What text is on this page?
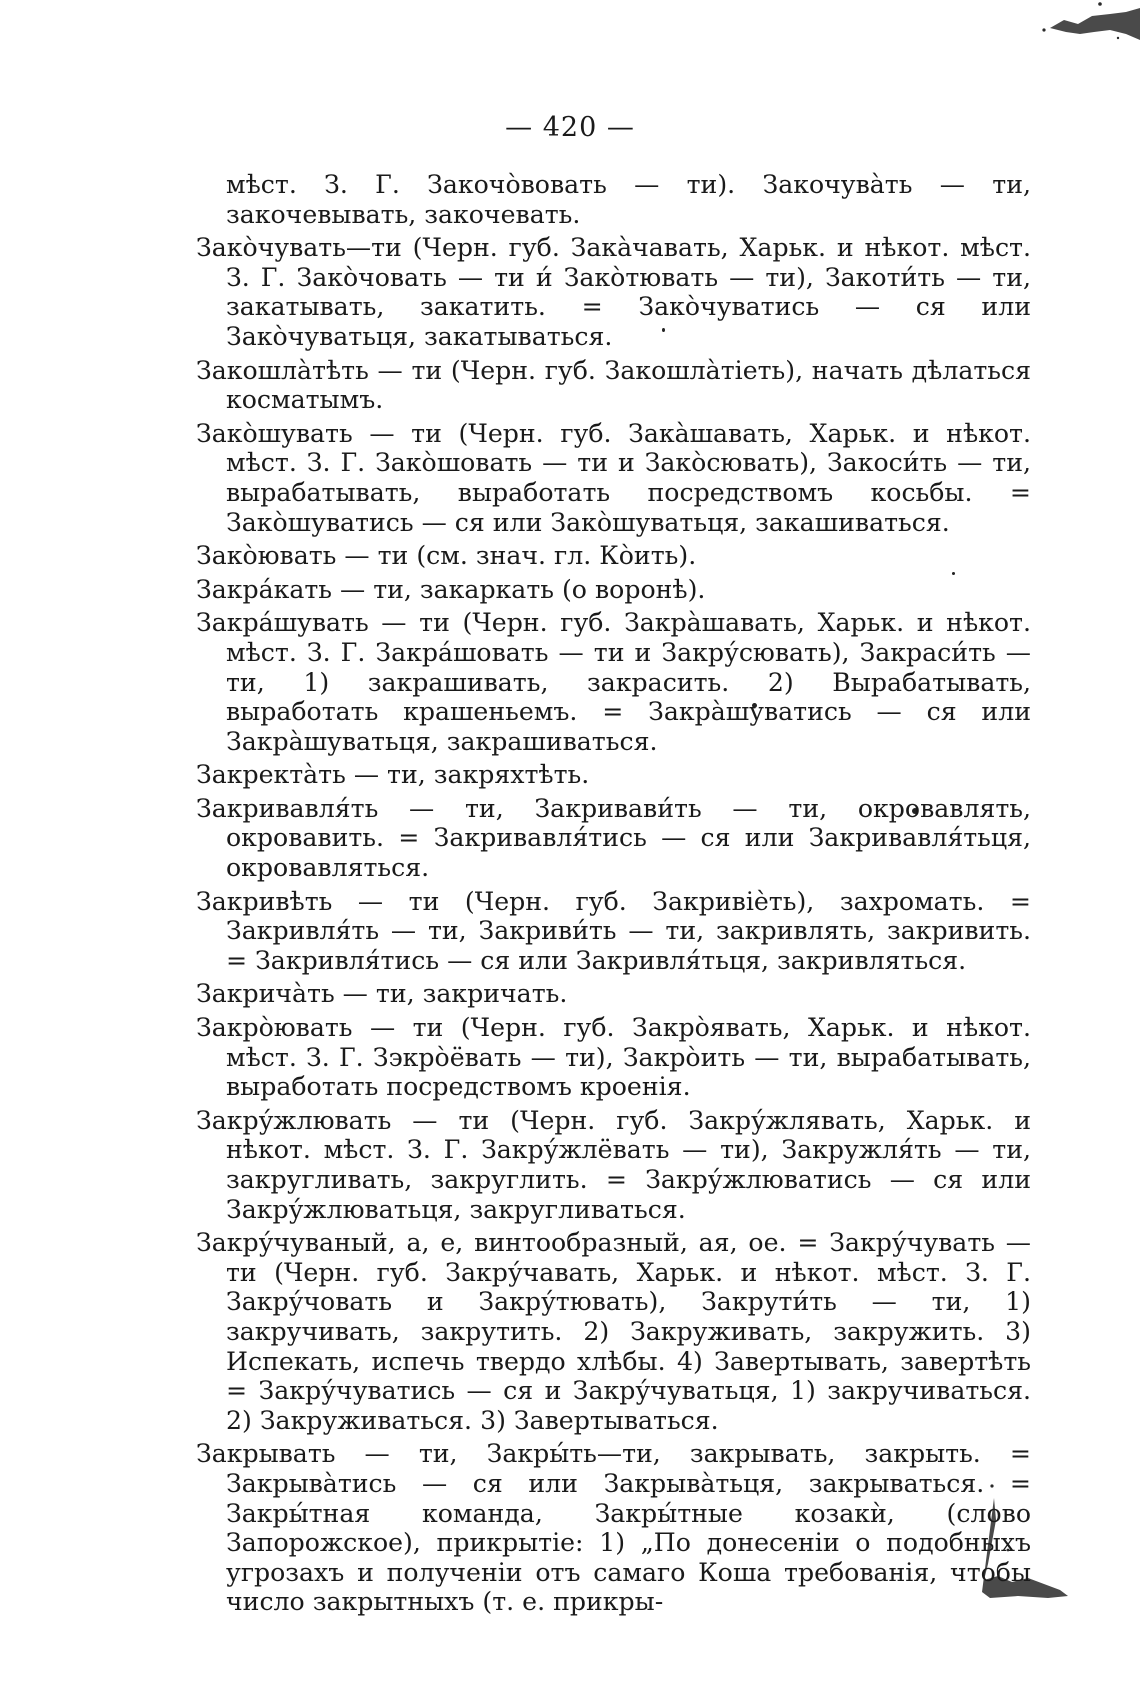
— 420 —

мѣст. З. Г. Закочòвовать — ти). Закочувàть — ти, закочевывать, закочевать.

Закòчувать—ти (Черн. губ. Закàчавать, Харьк. и нѣкот. мѣст. З. Г. Закòчовать — ти и́ Закòтювать — ти), Закоти́ть — ти, закатывать, закатить. = Закòчуватись — ся или Закòчуватьця, закатываться.

Закошлàтѣть — ти (Черн. губ. Закошлàтiеть), начать дѣлаться косматымъ.

Закòшувать — ти (Черн. губ. Закàшавать, Харьк. и нѣкот. мѣст. З. Г. Закòшовать — ти и Закòсювать), Закоси́ть — ти, вырабатывать, выработать посредствомъ косьбы. = Закòшуватись — ся или Закòшуватьця, закашиваться.

Закòювать — ти (см. знач. гл. Кòить).

Закра́кать — ти, закаркать (о воронѣ).

Закра́шувать — ти (Черн. губ. Закрàшавать, Харьк. и нѣкот. мѣст. З. Г. Закра́шовать — ти и Закру́сювать), Закраси́ть — ти, 1) закрашивать, закрасить. 2) Вырабатывать, выработать крашеньемъ. = Закрàшуватись — ся или Закрàшуватьця, закрашиваться.

Закректàть — ти, закряхтѣть.

Закривавля́ть — ти, Закривави́ть — ти, окровавлять, окровавить. = Закривавля́тись — ся или Закривавля́тьця, окровавляться.

Закривѣть — ти (Черн. губ. Закривiѐть), захромать. = Закривля́ть — ти, Закриви́ть — ти, закривлять, закривить. = Закривля́тись — ся или Закривля́тьця, закривляться.

Закричàть — ти, закричать.

Закрòювать — ти (Черн. губ. Закрòявать, Харьк. и нѣкот. мѣст. З. Г. Зэкрòёвать — ти), Закрòить — ти, вырабатывать, выработать посредствомъ кроенiя.

Закру́жлювать — ти (Черн. губ. Закру́жлявать, Харьк. и нѣкот. мѣст. З. Г. Закру́жлёвать — ти), Закружля́ть — ти, закругливать, закруглить. = Закру́жлюватись — ся или Закру́жлюватьця, закругливаться.

Закру́чуваный, а, е, винтообразный, ая, ое. = Закру́чувать — ти (Черн. губ. Закру́чавать, Харьк. и нѣкот. мѣст. З. Г. Закру́човать и Закру́тювать), Закрути́ть — ти, 1) закручивать, закрутить. 2) Закруживать, закружить. 3) Испекать, испечь твердо хлѣбы. 4) Завертывать, завертѣть = Закру́чуватись — ся и Закру́чуватьця, 1) закручиваться. 2) Закруживаться. 3) Завертываться.

Закрывать — ти, Закры́ть—ти, закрывать, закрыть. = Закрывàтись — ся или Закрывàтьця, закрываться. = Закры́тная команда, Закры́тные козакѝ, (слово Запорожское), прикрытiе: 1) „По донесенiи о подобныхъ угрозахъ и полученiи отъ самаго Коша требованiя, чтобы число закрытныхъ (т. е. прикры-
